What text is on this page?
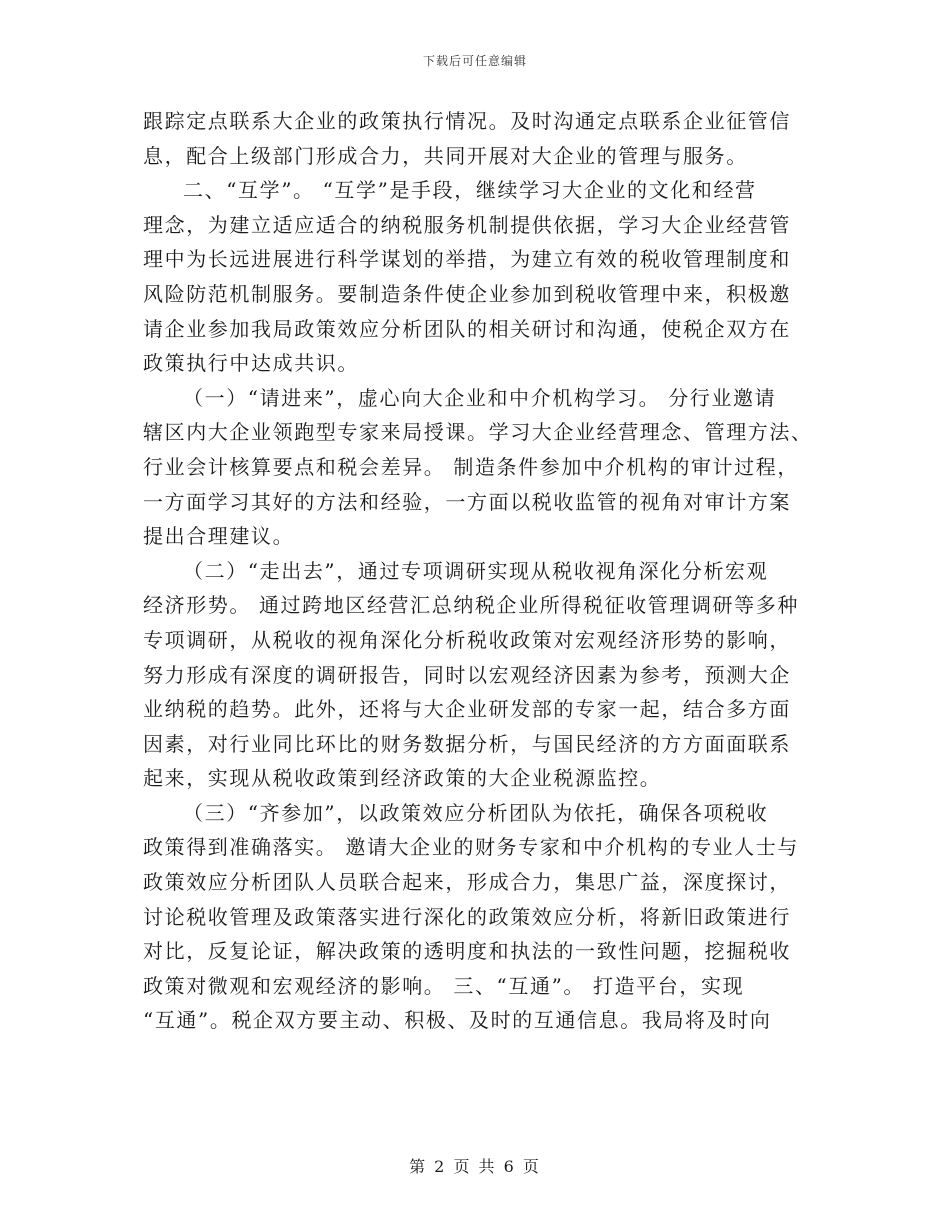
下载后可任意编辑
跟踪定点联系大企业的政策执行情况。及时沟通定点联系企业征管信
息，配合上级部门形成合力，共同开展对大企业的管理与服务。
二、“互学”。 “互学”是手段，继续学习大企业的文化和经营
理念，为建立适应适合的纳税服务机制提供依据，学习大企业经营管
理中为长远进展进行科学谋划的举措，为建立有效的税收管理制度和
风险防范机制服务。要制造条件使企业参加到税收管理中来，积极邀
请企业参加我局政策效应分析团队的相关研讨和沟通，使税企双方在
政策执行中达成共识。
（一）“请进来”，虚心向大企业和中介机构学习。 分行业邀请
辖区内大企业领跑型专家来局授课。学习大企业经营理念、管理方法、
行业会计核算要点和税会差异。 制造条件参加中介机构的审计过程，
一方面学习其好的方法和经验，一方面以税收监管的视角对审计方案
提出合理建议。
（二）“走出去”，通过专项调研实现从税收视角深化分析宏观
经济形势。 通过跨地区经营汇总纳税企业所得税征收管理调研等多种
专项调研，从税收的视角深化分析税收政策对宏观经济形势的影响，
努力形成有深度的调研报告，同时以宏观经济因素为参考，预测大企
业纳税的趋势。此外，还将与大企业研发部的专家一起，结合多方面
因素，对行业同比环比的财务数据分析，与国民经济的方方面面联系
起来，实现从税收政策到经济政策的大企业税源监控。
（三）“齐参加”，以政策效应分析团队为依托，确保各项税收
政策得到准确落实。 邀请大企业的财务专家和中介机构的专业人士与
政策效应分析团队人员联合起来，形成合力，集思广益，深度探讨，
讨论税收管理及政策落实进行深化的政策效应分析，将新旧政策进行
对比，反复论证，解决政策的透明度和执法的一致性问题，挖掘税收
政策对微观和宏观经济的影响。 三、“互通”。 打造平台，实现
“互通”。税企双方要主动、积极、及时的互通信息。我局将及时向
第 2 页 共 6 页
